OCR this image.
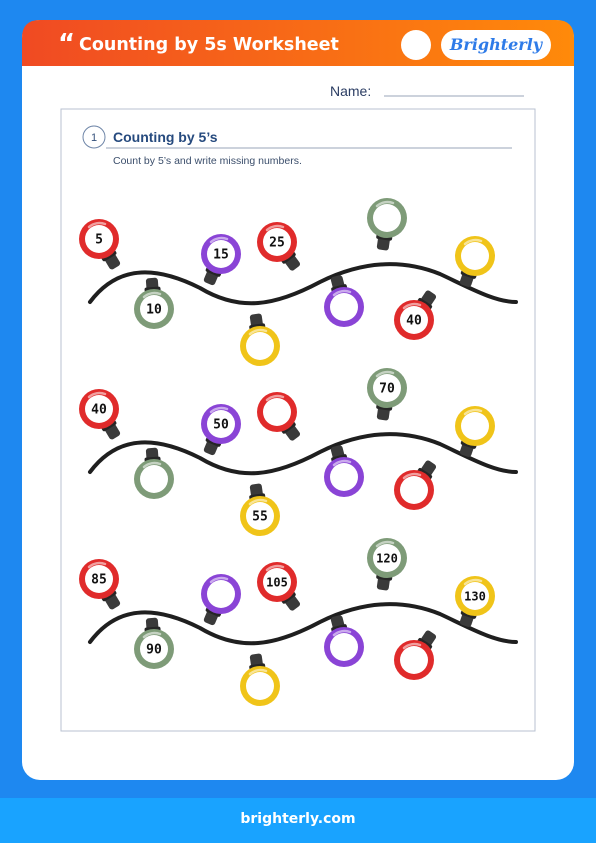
brighterly.com
“ Counting by 5s Worksheet	Brighterly
Name:
1 Counting by 5’s
Count by 5’s and write missing numbers.
5
10
15
25
40
40
50
55
70
85
90
105
120
130
